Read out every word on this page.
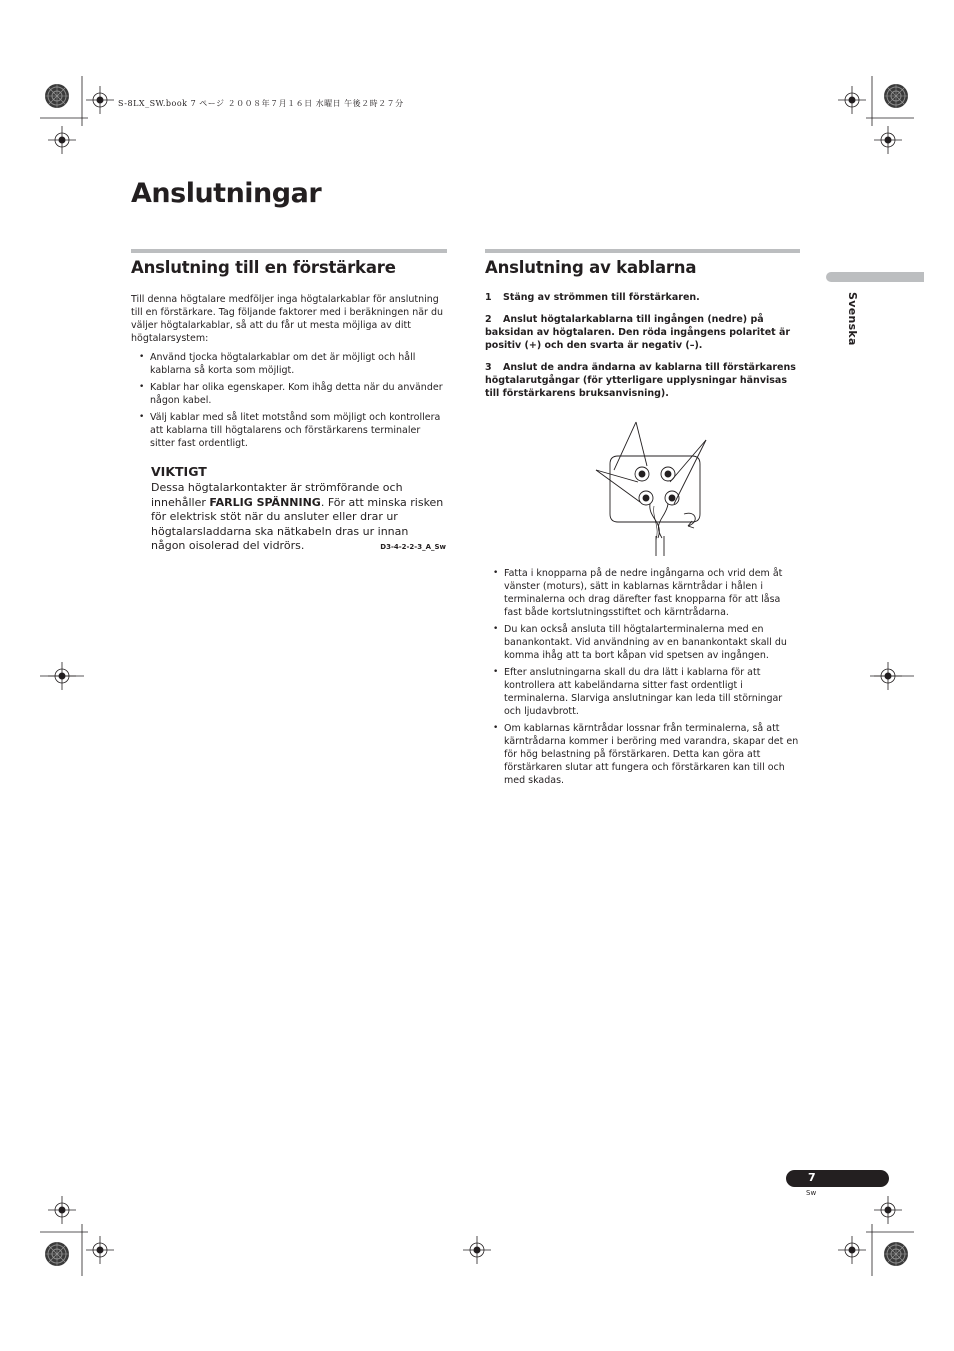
S-8LX_SW.book 7 ページ ２００８年７月１６日 水曜日 午後２時２７分
Anslutningar
Anslutning till en förstärkare

Till denna högtalare medföljer inga högtalarkablar för anslutning till en förstärkare. Tag följande faktorer med i beräkningen när du väljer högtalarkablar, så att du får ut mesta möjliga av ditt högtalarsystem:

• Använd tjocka högtalarkablar om det är möjligt och håll kablarna så korta som möjligt.
• Kablar har olika egenskaper. Kom ihåg detta när du använder någon kabel.
• Välj kablar med så litet motstånd som möjligt och kontrollera att kablarna till högtalarens och förstärkarens terminaler sitter fast ordentligt.
VIKTIGT
Dessa högtalarkontakter är strömförande och innehåller FARLIG SPÄNNING. För att minska risken för elektrisk stöt när du ansluter eller drar ur högtalarsladdarna ska nätkabeln dras ur innan någon oisolerad del vidrörs.	D3-4-2-2-3_A_Sw
Anslutning av kablarna

1 Stäng av strömmen till förstärkaren.

2 Anslut högtalarkablarna till ingången (nedre) på baksidan av högtalaren. Den röda ingångens polaritet är positiv (+) och den svarta är negativ (–).

3 Anslut de andra ändarna av kablarna till förstärkarens högtalarutgångar (för ytterligare upplysningar hänvisas till förstärkarens bruksanvisning).

• Fatta i knopparna på de nedre ingångarna och vrid dem åt vänster (moturs), sätt in kablarnas kärntrådar i hålen i terminalerna och drag därefter fast knopparna för att låsa fast både kortslutningsstiftet och kärntrådarna.
• Du kan också ansluta till högtalarterminalerna med en banankontakt. Vid användning av en banankontakt skall du komma ihåg att ta bort kåpan vid spetsen av ingången.
• Efter anslutningarna skall du dra lätt i kablarna för att kontrollera att kabeländarna sitter fast ordentligt i terminalerna. Slarviga anslutningar kan leda till störningar och ljudavbrott.
• Om kablarnas kärntrådar lossnar från terminalerna, så att kärntrådarna kommer i beröring med varandra, skapar det en för hög belastning på förstärkaren. Detta kan göra att förstärkaren slutar att fungera och förstärkaren kan till och med skadas.
Svenska
7
Sw
